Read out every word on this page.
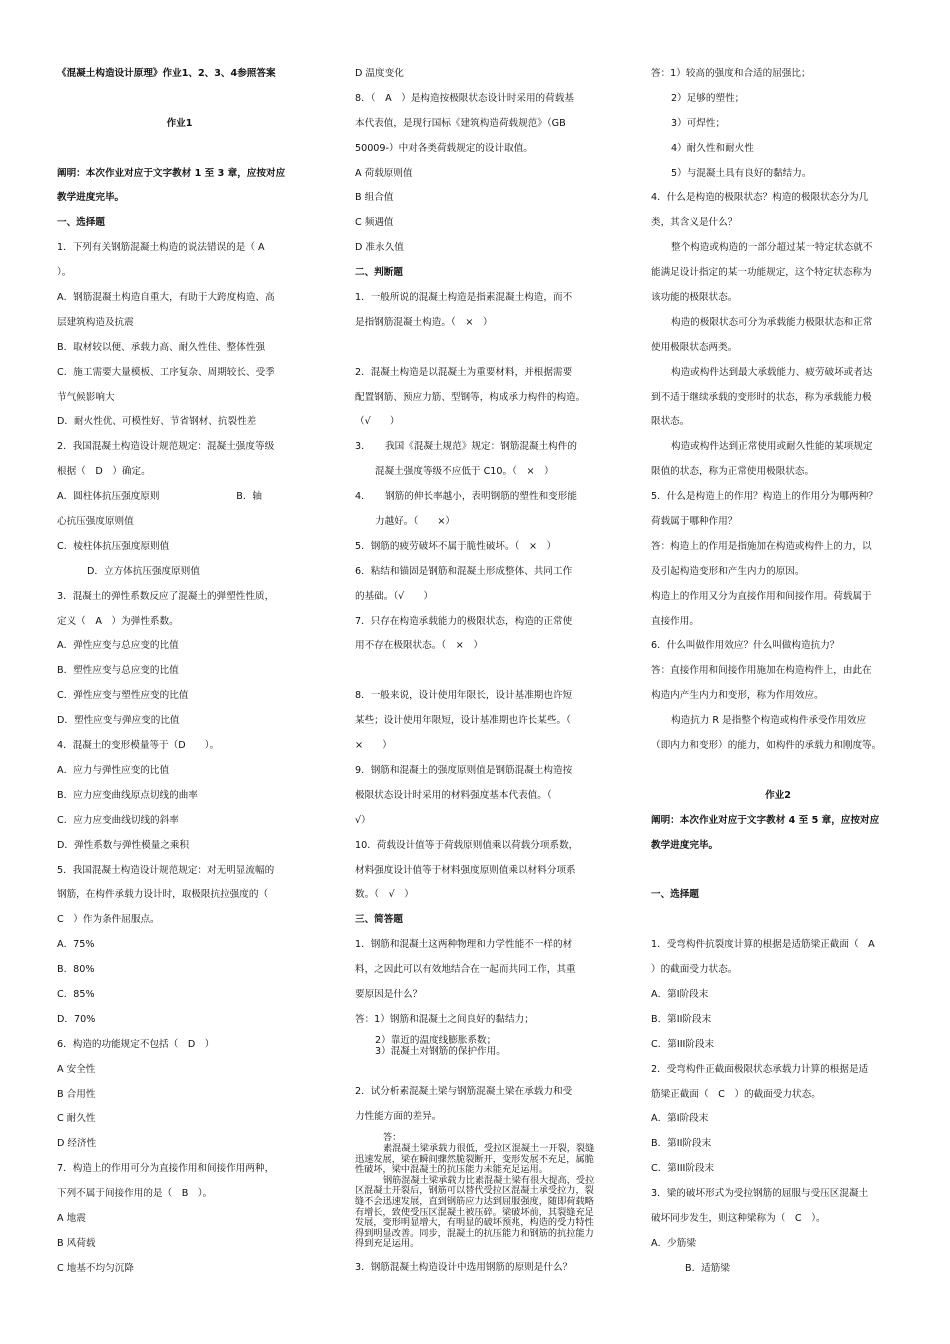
《混凝土构造设计原理》作业1、2、3、4参照答案
作业1
阐明：本次作业对应于文字教材 1 至 3 章，应按对应
教学进度完毕。
一、选择题
1．下列有关钢筋混凝土构造的说法错误的是（ A
）。
A．钢筋混凝土构造自重大，有助于大跨度构造、高
层建筑构造及抗震
B．取材较以便、承载力高、耐久性佳、整体性强
C．施工需要大量模板、工序复杂、周期较长、受季
节气候影响大
D．耐火性优、可模性好、节省钢材、抗裂性差
2．我国混凝土构造设计规范规定：混凝土强度等级
根据（　D　）确定。
A．圆柱体抗压强度原则　　　　　　　　B．轴
心抗压强度原则值
C．棱柱体抗压强度原则值
D．立方体抗压强度原则值
3．混凝土的弹性系数反应了混凝土的弹塑性性质，
定义（　A　）为弹性系数。
A．弹性应变与总应变的比值
B．塑性应变与总应变的比值
C．弹性应变与塑性应变的比值
D．塑性应变与弹应变的比值
4．混凝土的变形模量等于（D　　）。
A．应力与弹性应变的比值
B．应力应变曲线原点切线的曲率
C．应力应变曲线切线的斜率
D．弹性系数与弹性模量之乘积
5．我国混凝土构造设计规范规定：对无明显流幅的
钢筋，在构件承载力设计时，取极限抗拉强度的（
C　）作为条件屈服点。
A．75%
B．80%
C．85%
D．70%
6．构造的功能规定不包括（　D　）
A 安全性
B 合用性
C 耐久性
D 经济性
7．构造上的作用可分为直接作用和间接作用两种，
下列不属于间接作用的是（　B　）。
A 地震
B 风荷载
C 地基不均匀沉降
D 温度变化
8．（　A　）是构造按极限状态设计时采用的荷载基
本代表值，是现行国标《建筑构造荷载规范》（GB
50009-）中对各类荷载规定的设计取值。
A 荷载原则值
B 组合值
C 频遇值
D 准永久值
二、判断题
1．一般所说的混凝土构造是指素混凝土构造，而不
是指钢筋混凝土构造。（　×　）
2．混凝土构造是以混凝土为重要材料，并根据需要
配置钢筋、预应力筋、型钢等，构成承力构件的构造。
（√　　）
3．　　我国《混凝土规范》规定：钢筋混凝土构件的
混凝土强度等级不应低于 C10。（　×　）
4．　　钢筋的伸长率越小，表明钢筋的塑性和变形能
力越好。（　　×）
5．钢筋的疲劳破坏不属于脆性破坏。（　×　）
6．粘结和锚固是钢筋和混凝土形成整体、共同工作
的基础。（√　　）
7．只存在构造承载能力的极限状态，构造的正常使
用不存在极限状态。（　×　）
8．一般来说，设计使用年限长，设计基准期也许短
某些；设计使用年限短，设计基准期也许长某些。（
×　　）
9．钢筋和混凝土的强度原则值是钢筋混凝土构造按
极限状态设计时采用的材料强度基本代表值。（
√）
10．荷载设计值等于荷载原则值乘以荷载分项系数，
材料强度设计值等于材料强度原则值乘以材料分项系
数。（　√　）
三、简答题
1．钢筋和混凝土这两种物理和力学性能不一样的材
料，之因此可以有效地结合在一起而共同工作，其重
要原因是什么？
答：1）钢筋和混凝土之间良好的黏结力；
2）靠近的温度线膨胀系数；
3）混凝土对钢筋的保护作用。
2．试分析素混凝土梁与钢筋混凝土梁在承载力和受
力性能方面的差异。

答：

素混凝土梁承载力很低，受拉区混凝土一开裂，裂缝迅速发展，梁在瞬间骤然脆裂断开，变形发展不充足，属脆性破坏，梁中混凝土的抗压能力未能充足运用。

钢筋混凝土梁承载力比素混凝土梁有很大提高，受拉区混凝土开裂后，钢筋可以替代受拉区混凝土承受拉力，裂缝不会迅速发展，直到钢筋应力达到屈服强度，随即荷载略有增长，致使受压区混凝土被压碎。梁破坏前，其裂缝充足发展，变形明显增大，有明显的破坏预兆，构造的受力特性得到明显改善。同步，混凝土的抗压能力和钢筋的抗拉能力得到充足运用。

3．钢筋混凝土构造设计中选用钢筋的原则是什么？
答：1）较高的强度和合适的屈强比；
2）足够的塑性；
3）可焊性；
4）耐久性和耐火性
5）与混凝土具有良好的黏结力。
4．什么是构造的极限状态？构造的极限状态分为几
类，其含义是什么？
整个构造或构造的一部分超过某一特定状态就不
能满足设计指定的某一功能规定，这个特定状态称为
该功能的极限状态。
构造的极限状态可分为承载能力极限状态和正常
使用极限状态两类。
构造或构件达到最大承载能力、疲劳破坏或者达
到不适于继续承载的变形时的状态，称为承载能力极
限状态。
构造或构件达到正常使用或耐久性能的某项规定
限值的状态，称为正常使用极限状态。
5．什么是构造上的作用？构造上的作用分为哪两种？
荷载属于哪种作用？
答：构造上的作用是指施加在构造或构件上的力，以
及引起构造变形和产生内力的原因。
构造上的作用又分为直接作用和间接作用。荷载属于
直接作用。
6．什么叫做作用效应？什么叫做构造抗力？
答：直接作用和间接作用施加在构造构件上，由此在
构造内产生内力和变形，称为作用效应。
构造抗力 R 是指整个构造或构件承受作用效应
（即内力和变形）的能力，如构件的承载力和刚度等。
作业2
阐明：本次作业对应于文字教材 4 至 5 章，应按对应
教学进度完毕。
一、选择题
1．受弯构件抗裂度计算的根据是适筋梁正截面（　A
）的截面受力状态。
A．第I阶段末
B．第II阶段末
C．第III阶段末
2．受弯构件正截面极限状态承载力计算的根据是适
筋梁正截面（　C　）的截面受力状态。
A．第I阶段末
B．第II阶段末
C．第III阶段末
3．梁的破坏形式为受拉钢筋的屈服与受压区混凝土
破坏同步发生，则这种梁称为（　C　）。
A．少筋梁
B．适筋梁
